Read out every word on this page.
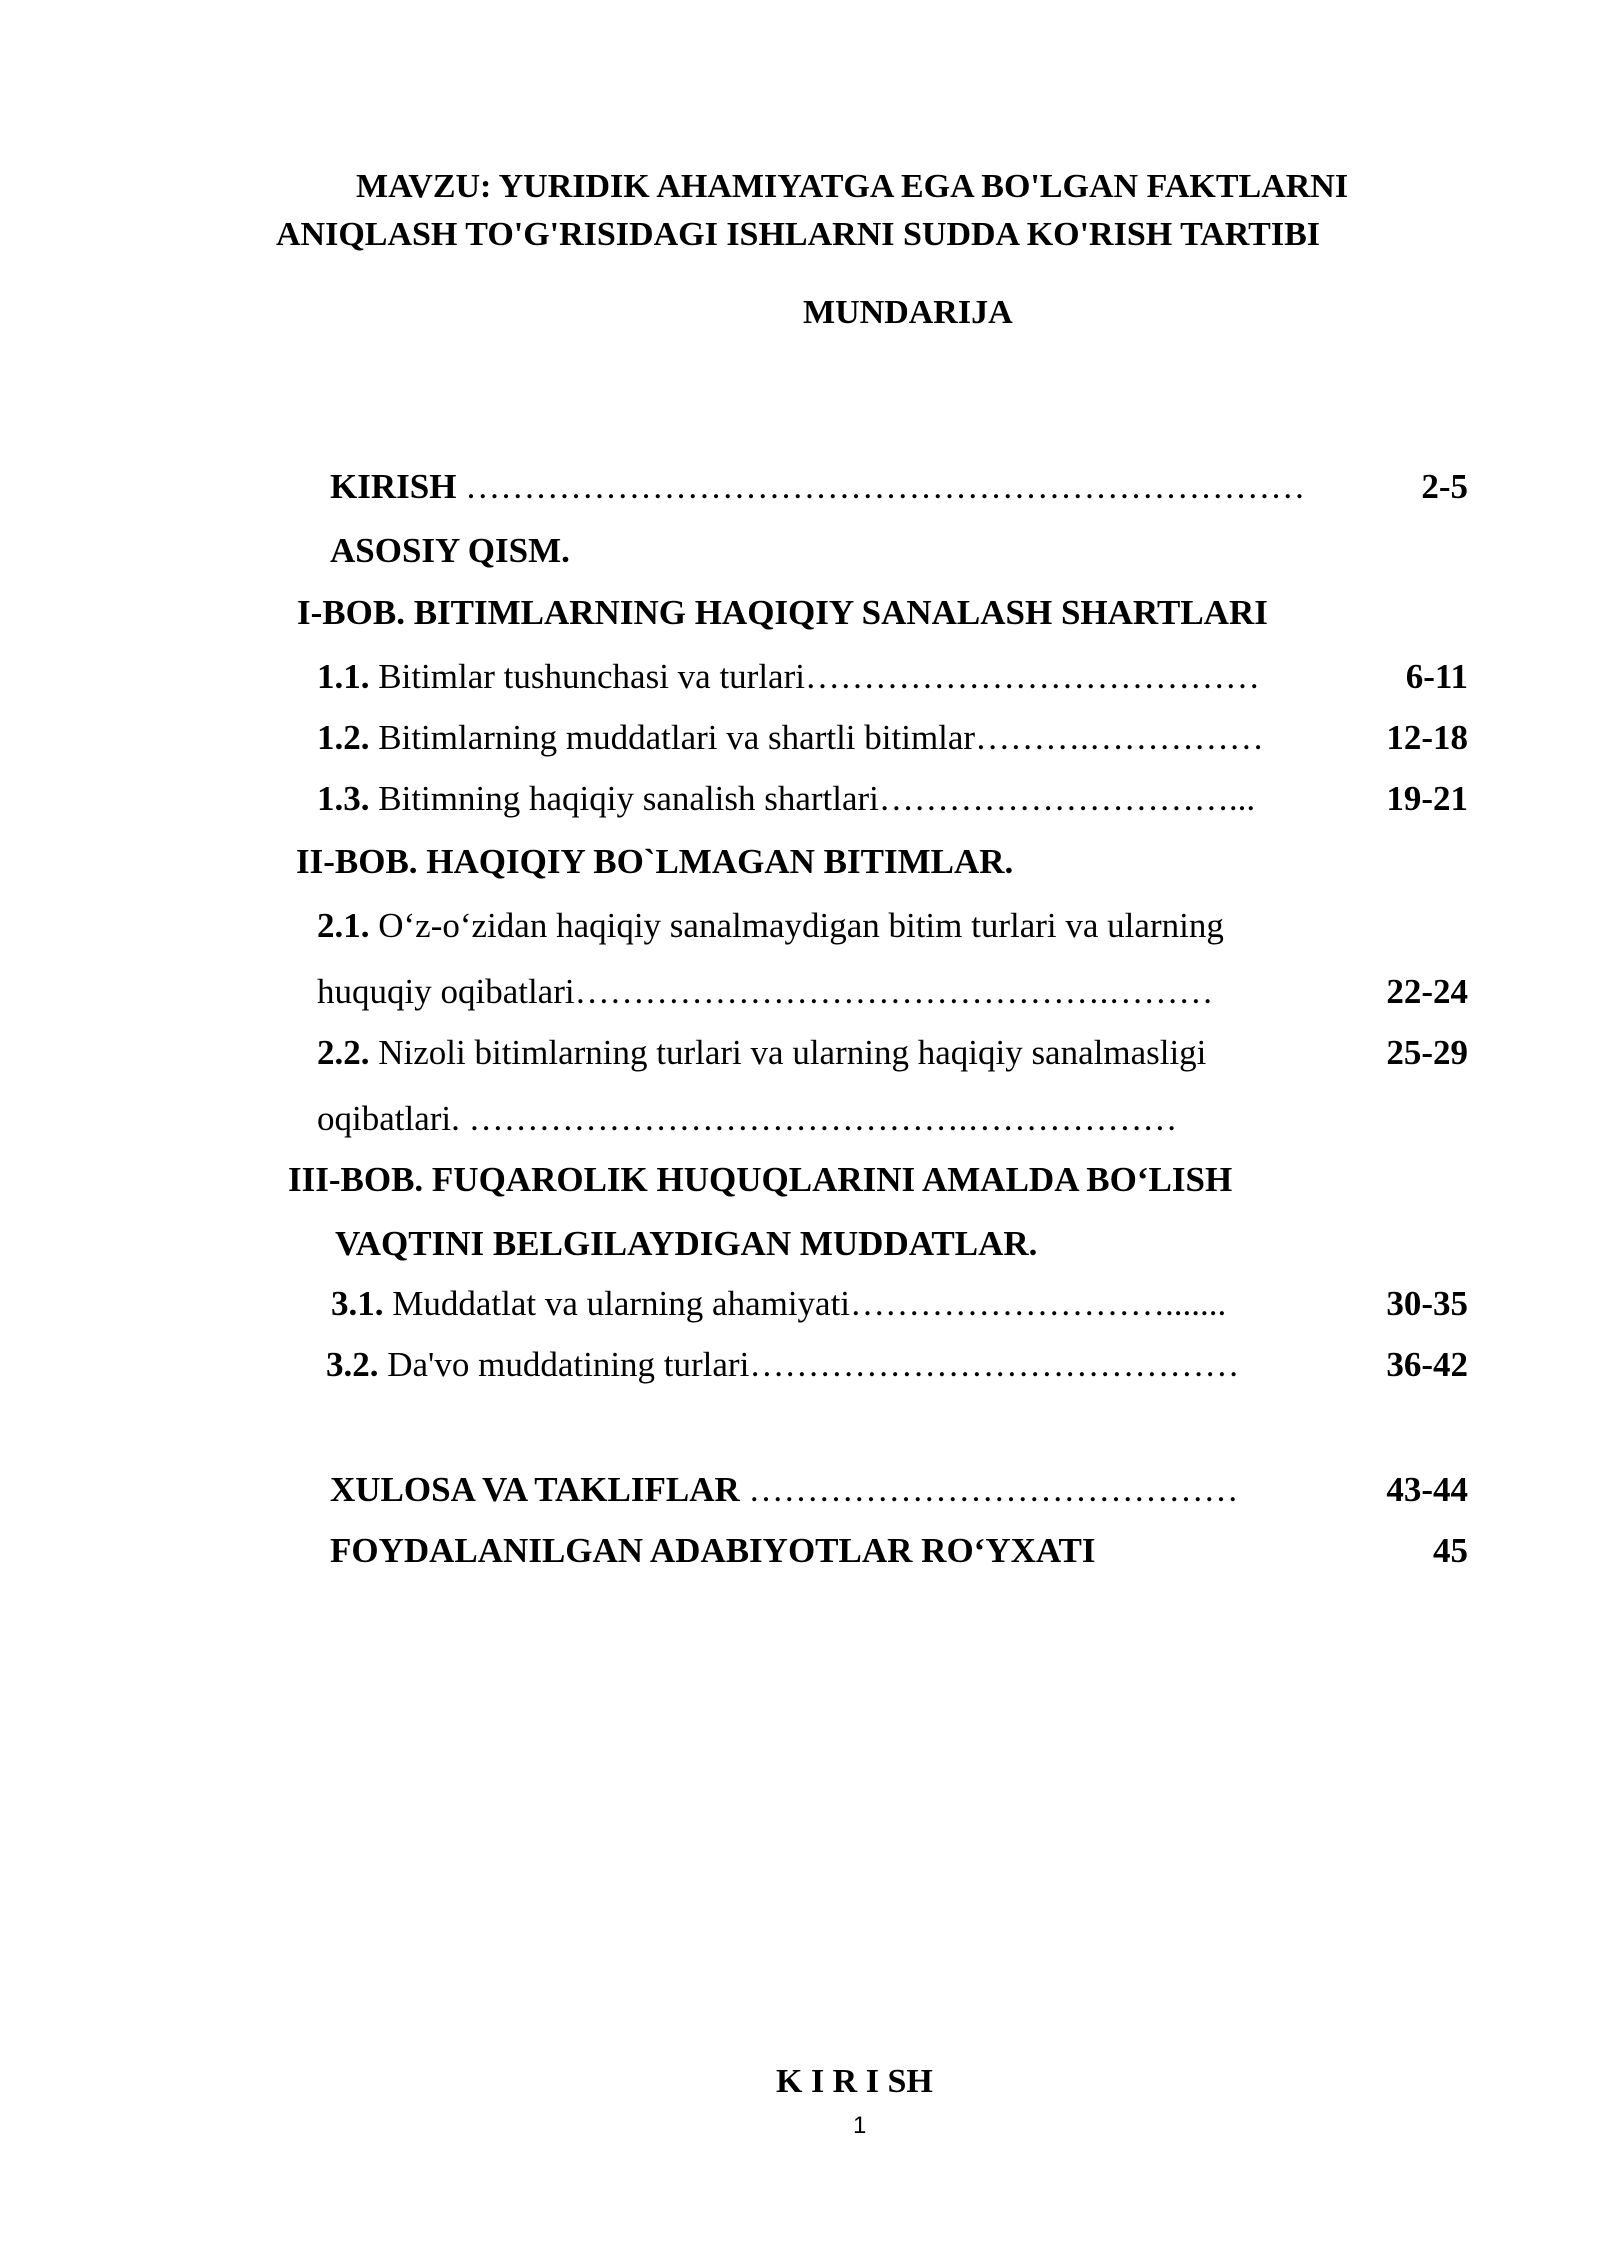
MAVZU: YURIDIK AHAMIYATGA EGA BO'LGAN FAKTLARNI
ANIQLASH TO'G'RISIDAGI ISHLARNI SUDDA KO'RISH TARTIBI
MUNDARIJA
KIRISH ………………………………………………………………	2-5
ASOSIY QISM.
I-BOB. BITIMLARNING HAQIQIY SANALASH SHARTLARI
1.1. Bitimlar tushunchasi va turlari…………………………………	6-11
1.2. Bitimlarning muddatlari va shartli bitimlar……….……………	12-18
1.3. Bitimning haqiqiy sanalish shartlari…………………………...	19-21
II-BOB. HAQIQIY BO`LMAGAN BITIMLAR.
2.1. O‘z-o‘zidan haqiqiy sanalmaydigan bitim turlari va ularning
huquqiy oqibatlari……………………………………….………	22-24
2.2. Nizoli bitimlarning turlari va ularning haqiqiy sanalmasligi	25-29
oqibatlari. …………………………………….………………
III-BOB. FUQAROLIK HUQUQLARINI AMALDA BO‘LISH
VAQTINI BELGILAYDIGAN MUDDATLAR.
3.1. Muddatlat va ularning ahamiyati……………………….......	30-35
3.2. Da'vo muddatining turlari……………………………………	36-42
XULOSA VA TAKLIFLAR ……………………………………	43-44
FOYDALANILGAN ADABIYOTLAR RO‘YXATI	45
K I R I SH
1
